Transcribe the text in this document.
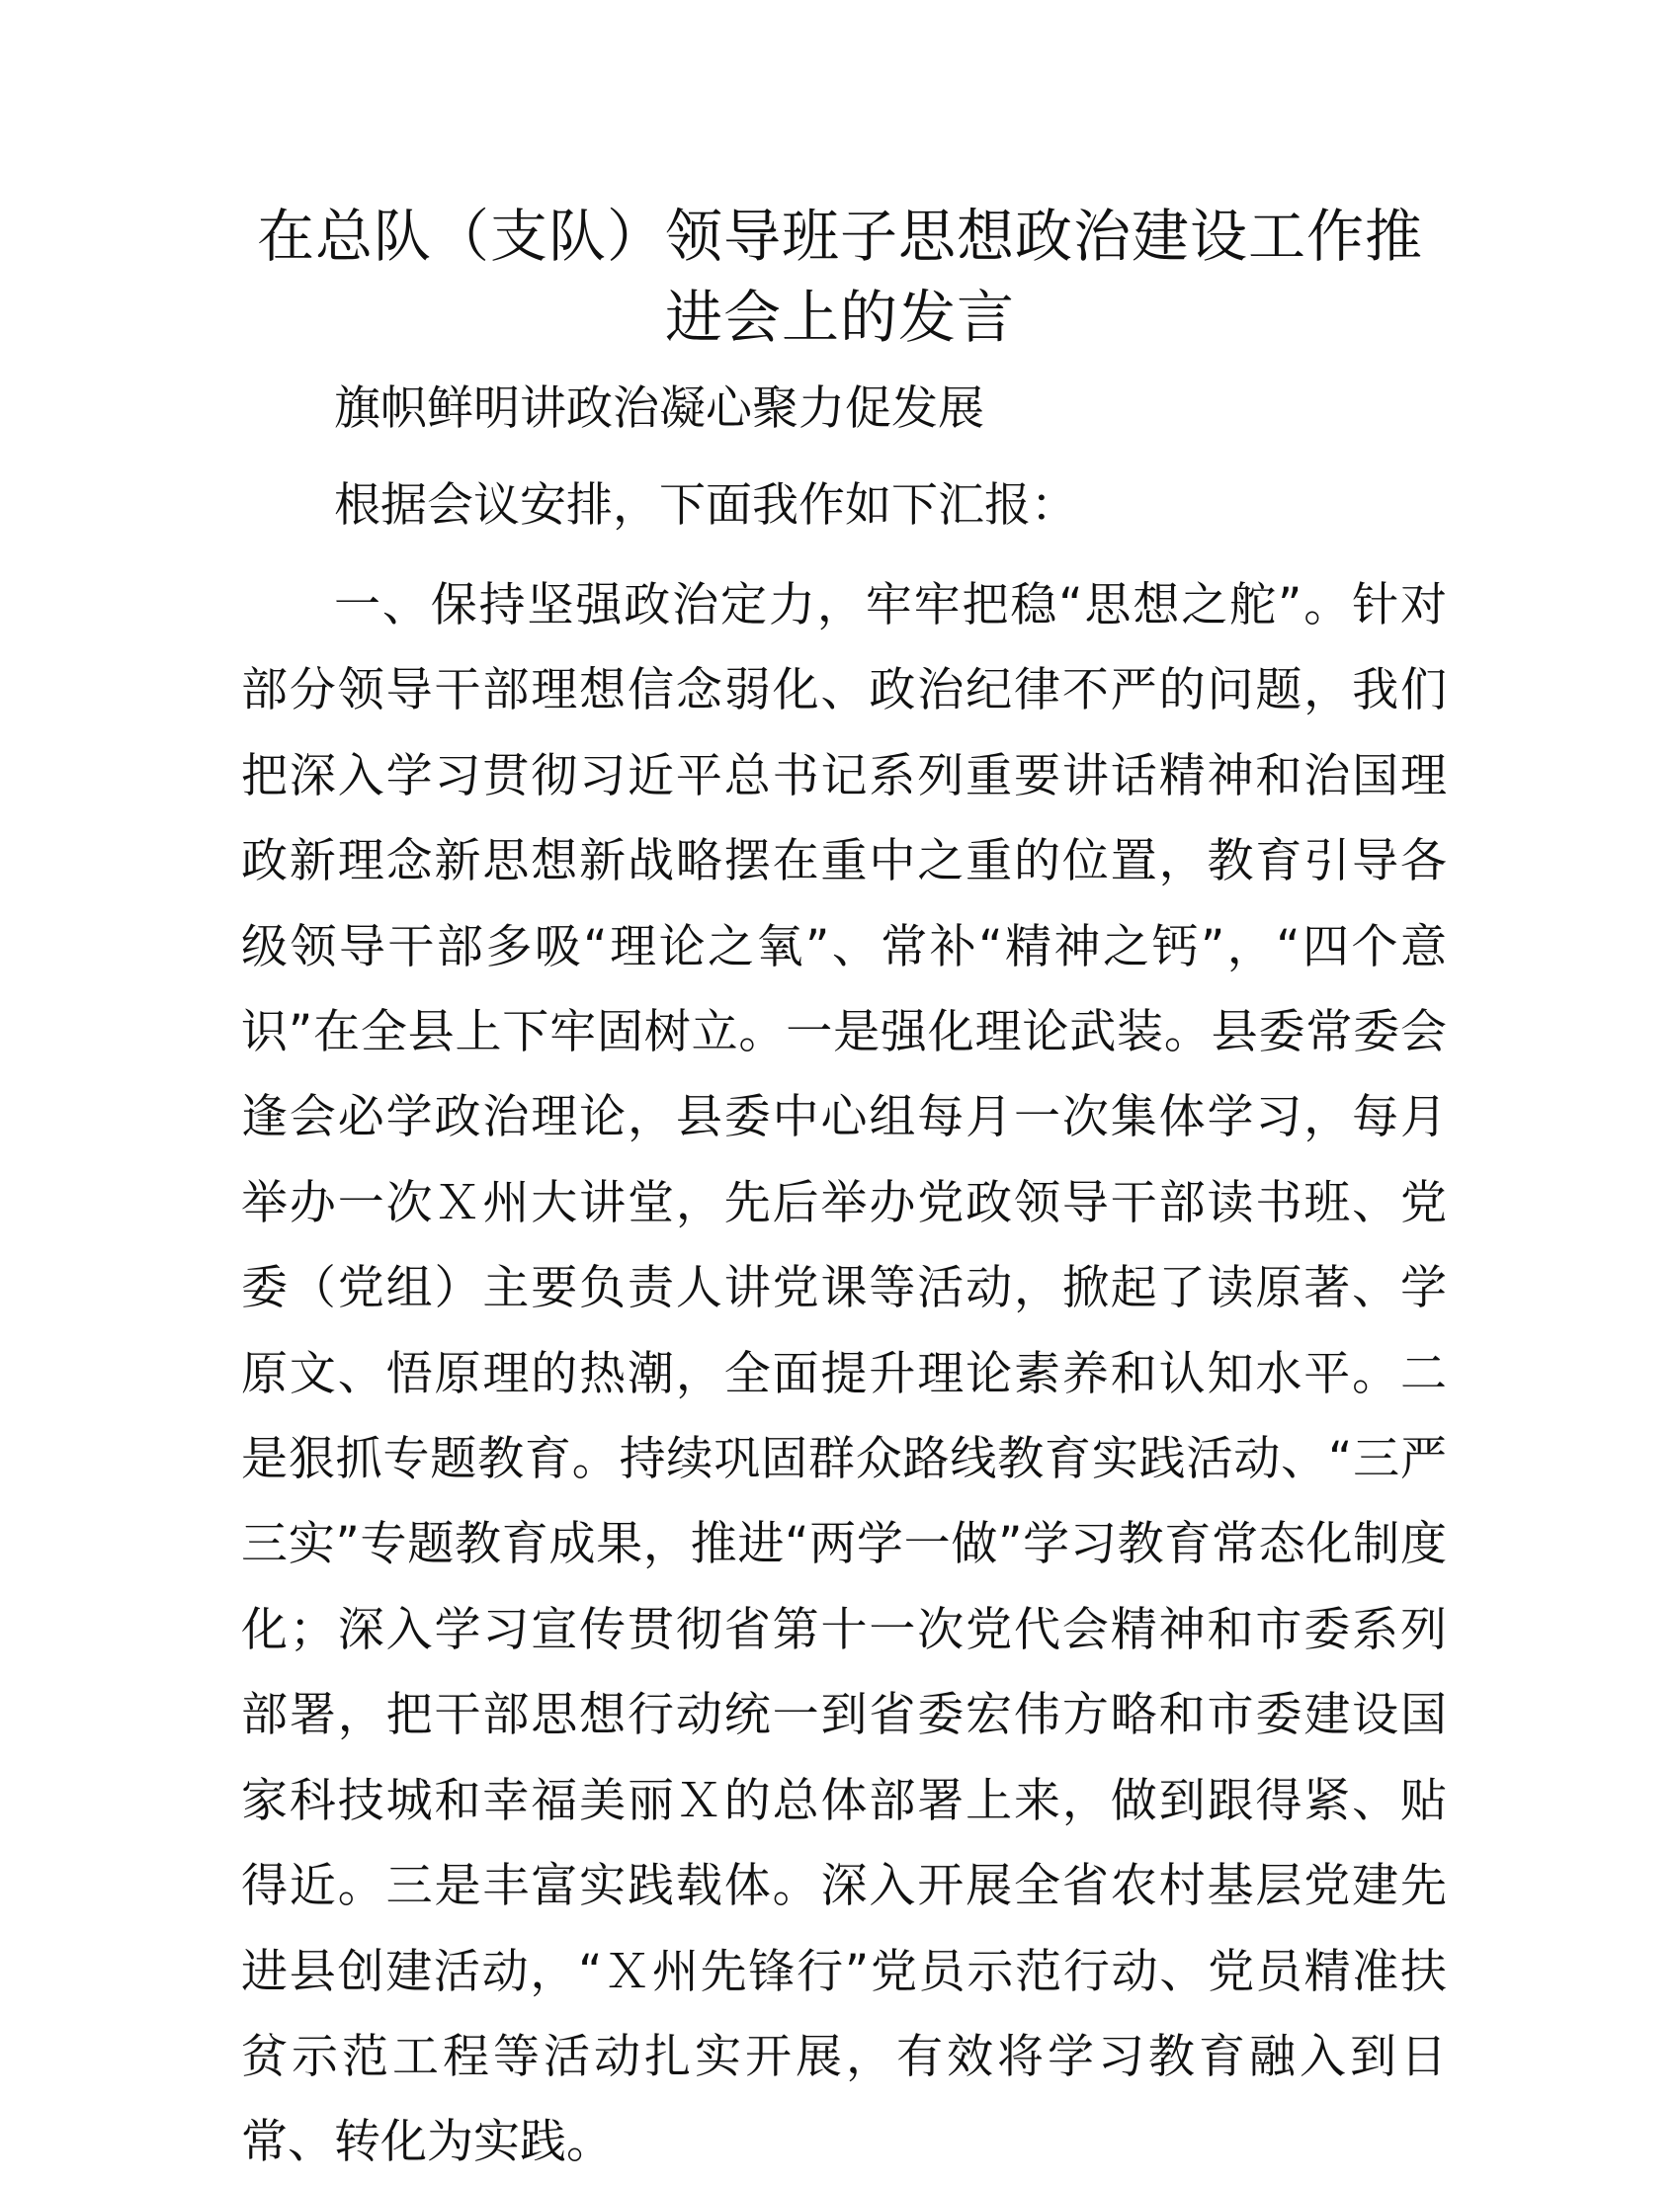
在总队（支队）领导班子思想政治建设工作推进会上的发言

旗帜鲜明讲政治凝心聚力促发展

根据会议安排，下面我作如下汇报：

一、保持坚强政治定力，牢牢把稳“思想之舵”。针对部分领导干部理想信念弱化、政治纪律不严的问题，我们把深入学习贯彻习近平总书记系列重要讲话精神和治国理政新理念新思想新战略摆在重中之重的位置，教育引导各级领导干部多吸“理论之氧”、常补“精神之钙”，“四个意识”在全县上下牢固树立。一是强化理论武装。县委常委会逢会必学政治理论，县委中心组每月一次集体学习，每月举办一次Ｘ州大讲堂，先后举办党政领导干部读书班、党委（党组）主要负责人讲党课等活动，掀起了读原著、学原文、悟原理的热潮，全面提升理论素养和认知水平。二是狠抓专题教育。持续巩固群众路线教育实践活动、“三严三实”专题教育成果，推进“两学一做”学习教育常态化制度化；深入学习宣传贯彻省第十一次党代会精神和市委系列部署，把干部思想行动统一到省委宏伟方略和市委建设国家科技城和幸福美丽Ｘ的总体部署上来，做到跟得紧、贴得近。三是丰富实践载体。深入开展全省农村基层党建先进县创建活动，“Ｘ州先锋行”党员示范行动、党员精准扶贫示范工程等活动扎实开展，有效将学习教育融入到日常、转化为实践。
